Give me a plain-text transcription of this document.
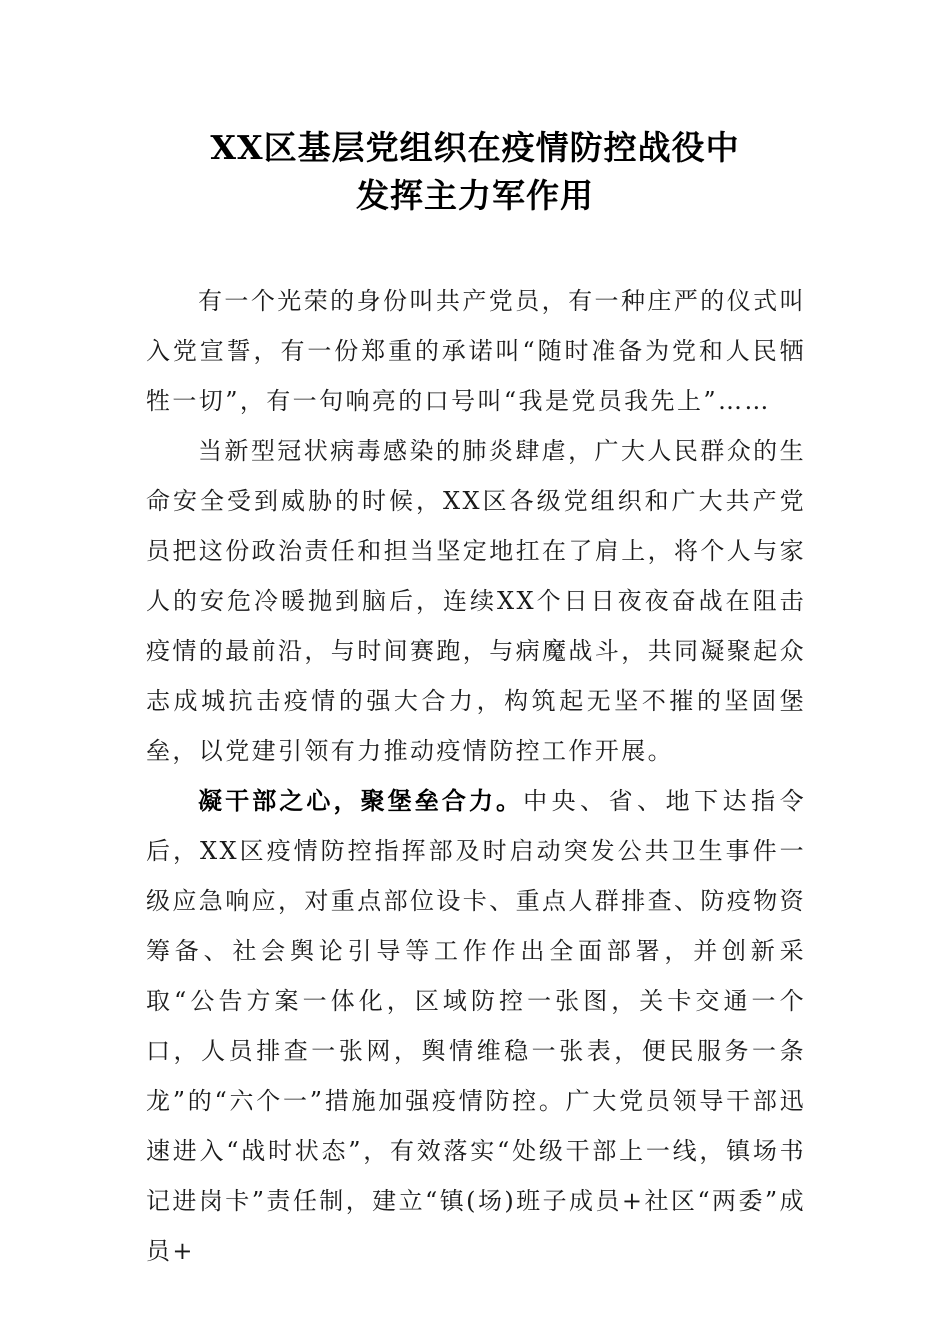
XX区基层党组织在疫情防控战役中
发挥主力军作用

有一个光荣的身份叫共产党员，有一种庄严的仪式叫入党宣誓，有一份郑重的承诺叫“随时准备为党和人民牺牲一切”，有一句响亮的口号叫“我是党员我先上”……

当新型冠状病毒感染的肺炎肆虐，广大人民群众的生命安全受到威胁的时候，XX区各级党组织和广大共产党员把这份政治责任和担当坚定地扛在了肩上，将个人与家人的安危冷暖抛到脑后，连续XX个日日夜夜奋战在阻击疫情的最前沿，与时间赛跑，与病魔战斗，共同凝聚起众志成城抗击疫情的强大合力，构筑起无坚不摧的坚固堡垒，以党建引领有力推动疫情防控工作开展。

凝干部之心，聚堡垒合力。中央、省、地下达指令后，XX区疫情防控指挥部及时启动突发公共卫生事件一级应急响应，对重点部位设卡、重点人群排查、防疫物资筹备、社会舆论引导等工作作出全面部署，并创新采取“公告方案一体化，区域防控一张图，关卡交通一个口，人员排查一张网，舆情维稳一张表，便民服务一条龙”的“六个一”措施加强疫情防控。广大党员领导干部迅速进入“战时状态”，有效落实“处级干部上一线，镇场书记进岗卡”责任制，建立“镇(场)班子成员+社区“两委”成员+
